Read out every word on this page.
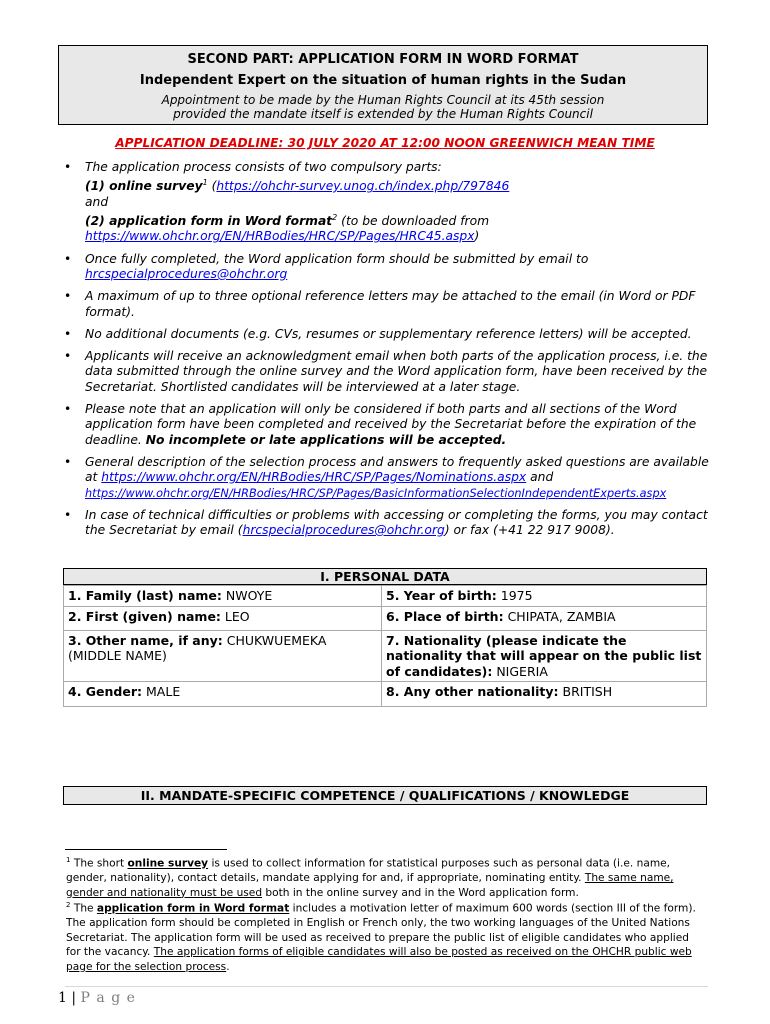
SECOND PART: APPLICATION FORM IN WORD FORMAT
Independent Expert on the situation of human rights in the Sudan
Appointment to be made by the Human Rights Council at its 45th session
provided the mandate itself is extended by the Human Rights Council
APPLICATION DEADLINE: 30 JULY 2020 AT 12:00 NOON GREENWICH MEAN TIME
• The application process consists of two compulsory parts:
(1) online survey$^1$ (https://ohchr-survey.unog.ch/index.php/797846
and
(2) application form in Word format$^2$ (to be downloaded from
https://www.ohchr.org/EN/HRBodies/HRC/SP/Pages/HRC45.aspx)
• Once fully completed, the Word application form should be submitted by email to
hrcspecialprocedures@ohchr.org
• A maximum of up to three optional reference letters may be attached to the email (in Word or PDF format).
• No additional documents (e.g. CVs, resumes or supplementary reference letters) will be accepted.
• Applicants will receive an acknowledgment email when both parts of the application process, i.e. the data submitted through the online survey and the Word application form, have been received by the Secretariat. Shortlisted candidates will be interviewed at a later stage.
• Please note that an application will only be considered if both parts and all sections of the Word application form have been completed and received by the Secretariat before the expiration of the deadline. No incomplete or late applications will be accepted.
• General description of the selection process and answers to frequently asked questions are available at https://www.ohchr.org/EN/HRBodies/HRC/SP/Pages/Nominations.aspx and https://www.ohchr.org/EN/HRBodies/HRC/SP/Pages/BasicInformationSelectionIndependentExperts.aspx
• In case of technical difficulties or problems with accessing or completing the forms, you may contact the Secretariat by email (hrcspecialprocedures@ohchr.org) or fax (+41 22 917 9008).
I. PERSONAL DATA
1. Family (last) name: NWOYE	5. Year of birth: 1975
2. First (given) name: LEO	6. Place of birth: CHIPATA, ZAMBIA
3. Other name, if any: CHUKWUEMEKA
(MIDDLE NAME)	7. Nationality (please indicate the nationality that will appear on the public list of candidates): NIGERIA
4. Gender: MALE	8. Any other nationality: BRITISH
II. MANDATE-SPECIFIC COMPETENCE / QUALIFICATIONS / KNOWLEDGE
$^1$ The short online survey is used to collect information for statistical purposes such as personal data (i.e. name, gender, nationality), contact details, mandate applying for and, if appropriate, nominating entity. The same name, gender and nationality must be used both in the online survey and in the Word application form.
$^2$ The application form in Word format includes a motivation letter of maximum 600 words (section III of the form). The application form should be completed in English or French only, the two working languages of the United Nations Secretariat. The application form will be used as received to prepare the public list of eligible candidates who applied for the vacancy. The application forms of eligible candidates will also be posted as received on the OHCHR public web page for the selection process.
1 | P a g e
